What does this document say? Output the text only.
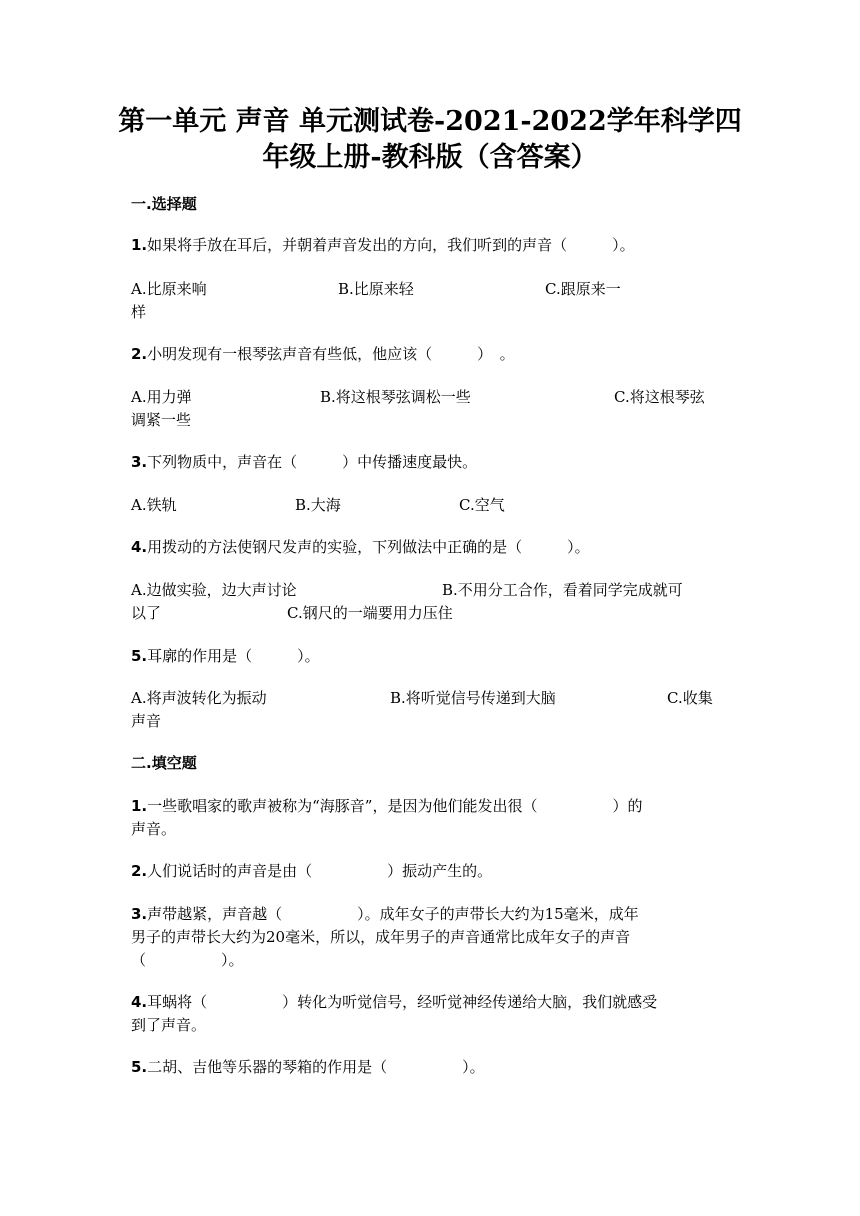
第一单元 声音 单元测试卷-2021-2022学年科学四
年级上册-教科版（含答案）
一.选择题
1.如果将手放在耳后，并朝着声音发出的方向，我们听到的声音（　　　）。
A.比原来响	B.比原来轻	C.跟原来一
样
2.小明发现有一根琴弦声音有些低，他应该（　　　）　。
A.用力弹	B.将这根琴弦调松一些	C.将这根琴弦
调紧一些
3.下列物质中，声音在（　　　）中传播速度最快。
A.铁轨	B.大海	C.空气
4.用拨动的方法使钢尺发声的实验，下列做法中正确的是（　　　）。
A.边做实验，边大声讨论	B.不用分工合作，看着同学完成就可
以了	C.钢尺的一端要用力压住
5.耳廓的作用是（　　　）。
A.将声波转化为振动	B.将听觉信号传递到大脑	C.收集
声音
二.填空题
1.一些歌唱家的歌声被称为“海豚音”，是因为他们能发出很（　　　　　）的
声音。
2.人们说话时的声音是由（　　　　　）振动产生的。
3.声带越紧，声音越（　　　　　）。成年女子的声带长大约为15毫米，成年
男子的声带长大约为20毫米，所以，成年男子的声音通常比成年女子的声音
（　　　　　）。
4.耳蜗将（　　　　　）转化为听觉信号，经听觉神经传递给大脑，我们就感受
到了声音。
5.二胡、吉他等乐器的琴箱的作用是（　　　　　）。
